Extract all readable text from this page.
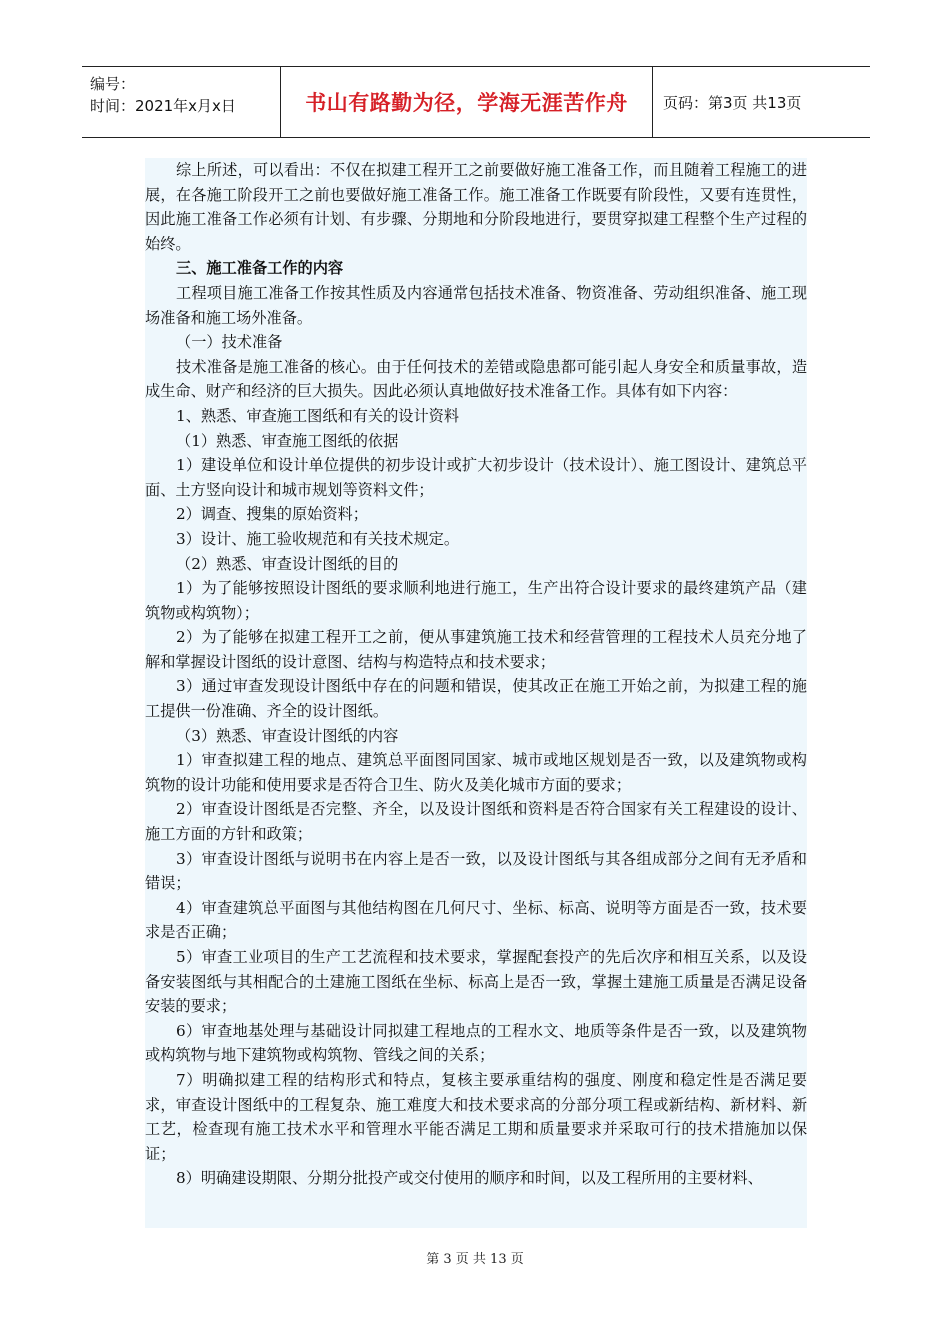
编号：
时间：2021年x月x日	书山有路勤为径，学海无涯苦作舟	页码：第3页 共13页

综上所述，可以看出：不仅在拟建工程开工之前要做好施工准备工作，而且随着工程施工的进展，在各施工阶段开工之前也要做好施工准备工作。施工准备工作既要有阶段性，又要有连贯性，因此施工准备工作必须有计划、有步骤、分期地和分阶段地进行，要贯穿拟建工程整个生产过程的始终。

三、施工准备工作的内容

工程项目施工准备工作按其性质及内容通常包括技术准备、物资准备、劳动组织准备、施工现场准备和施工场外准备。

（一）技术准备

技术准备是施工准备的核心。由于任何技术的差错或隐患都可能引起人身安全和质量事故，造成生命、财产和经济的巨大损失。因此必须认真地做好技术准备工作。具体有如下内容：

1、熟悉、审查施工图纸和有关的设计资料

（1）熟悉、审查施工图纸的依据

1）建设单位和设计单位提供的初步设计或扩大初步设计（技术设计）、施工图设计、建筑总平面、土方竖向设计和城市规划等资料文件；

2）调查、搜集的原始资料；

3）设计、施工验收规范和有关技术规定。

（2）熟悉、审查设计图纸的目的

1）为了能够按照设计图纸的要求顺利地进行施工，生产出符合设计要求的最终建筑产品（建筑物或构筑物）；

2）为了能够在拟建工程开工之前，便从事建筑施工技术和经营管理的工程技术人员充分地了解和掌握设计图纸的设计意图、结构与构造特点和技术要求；

3）通过审查发现设计图纸中存在的问题和错误，使其改正在施工开始之前，为拟建工程的施工提供一份准确、齐全的设计图纸。

（3）熟悉、审查设计图纸的内容

1）审查拟建工程的地点、建筑总平面图同国家、城市或地区规划是否一致，以及建筑物或构筑物的设计功能和使用要求是否符合卫生、防火及美化城市方面的要求；

2）审查设计图纸是否完整、齐全，以及设计图纸和资料是否符合国家有关工程建设的设计、施工方面的方针和政策；

3）审查设计图纸与说明书在内容上是否一致，以及设计图纸与其各组成部分之间有无矛盾和错误；

4）审查建筑总平面图与其他结构图在几何尺寸、坐标、标高、说明等方面是否一致，技术要求是否正确；

5）审查工业项目的生产工艺流程和技术要求，掌握配套投产的先后次序和相互关系，以及设备安装图纸与其相配合的土建施工图纸在坐标、标高上是否一致，掌握土建施工质量是否满足设备安装的要求；

6）审查地基处理与基础设计同拟建工程地点的工程水文、地质等条件是否一致，以及建筑物或构筑物与地下建筑物或构筑物、管线之间的关系；

7）明确拟建工程的结构形式和特点，复核主要承重结构的强度、刚度和稳定性是否满足要求，审查设计图纸中的工程复杂、施工难度大和技术要求高的分部分项工程或新结构、新材料、新工艺，检查现有施工技术水平和管理水平能否满足工期和质量要求并采取可行的技术措施加以保证；

8）明确建设期限、分期分批投产或交付使用的顺序和时间，以及工程所用的主要材料、

第 3 页 共 13 页
